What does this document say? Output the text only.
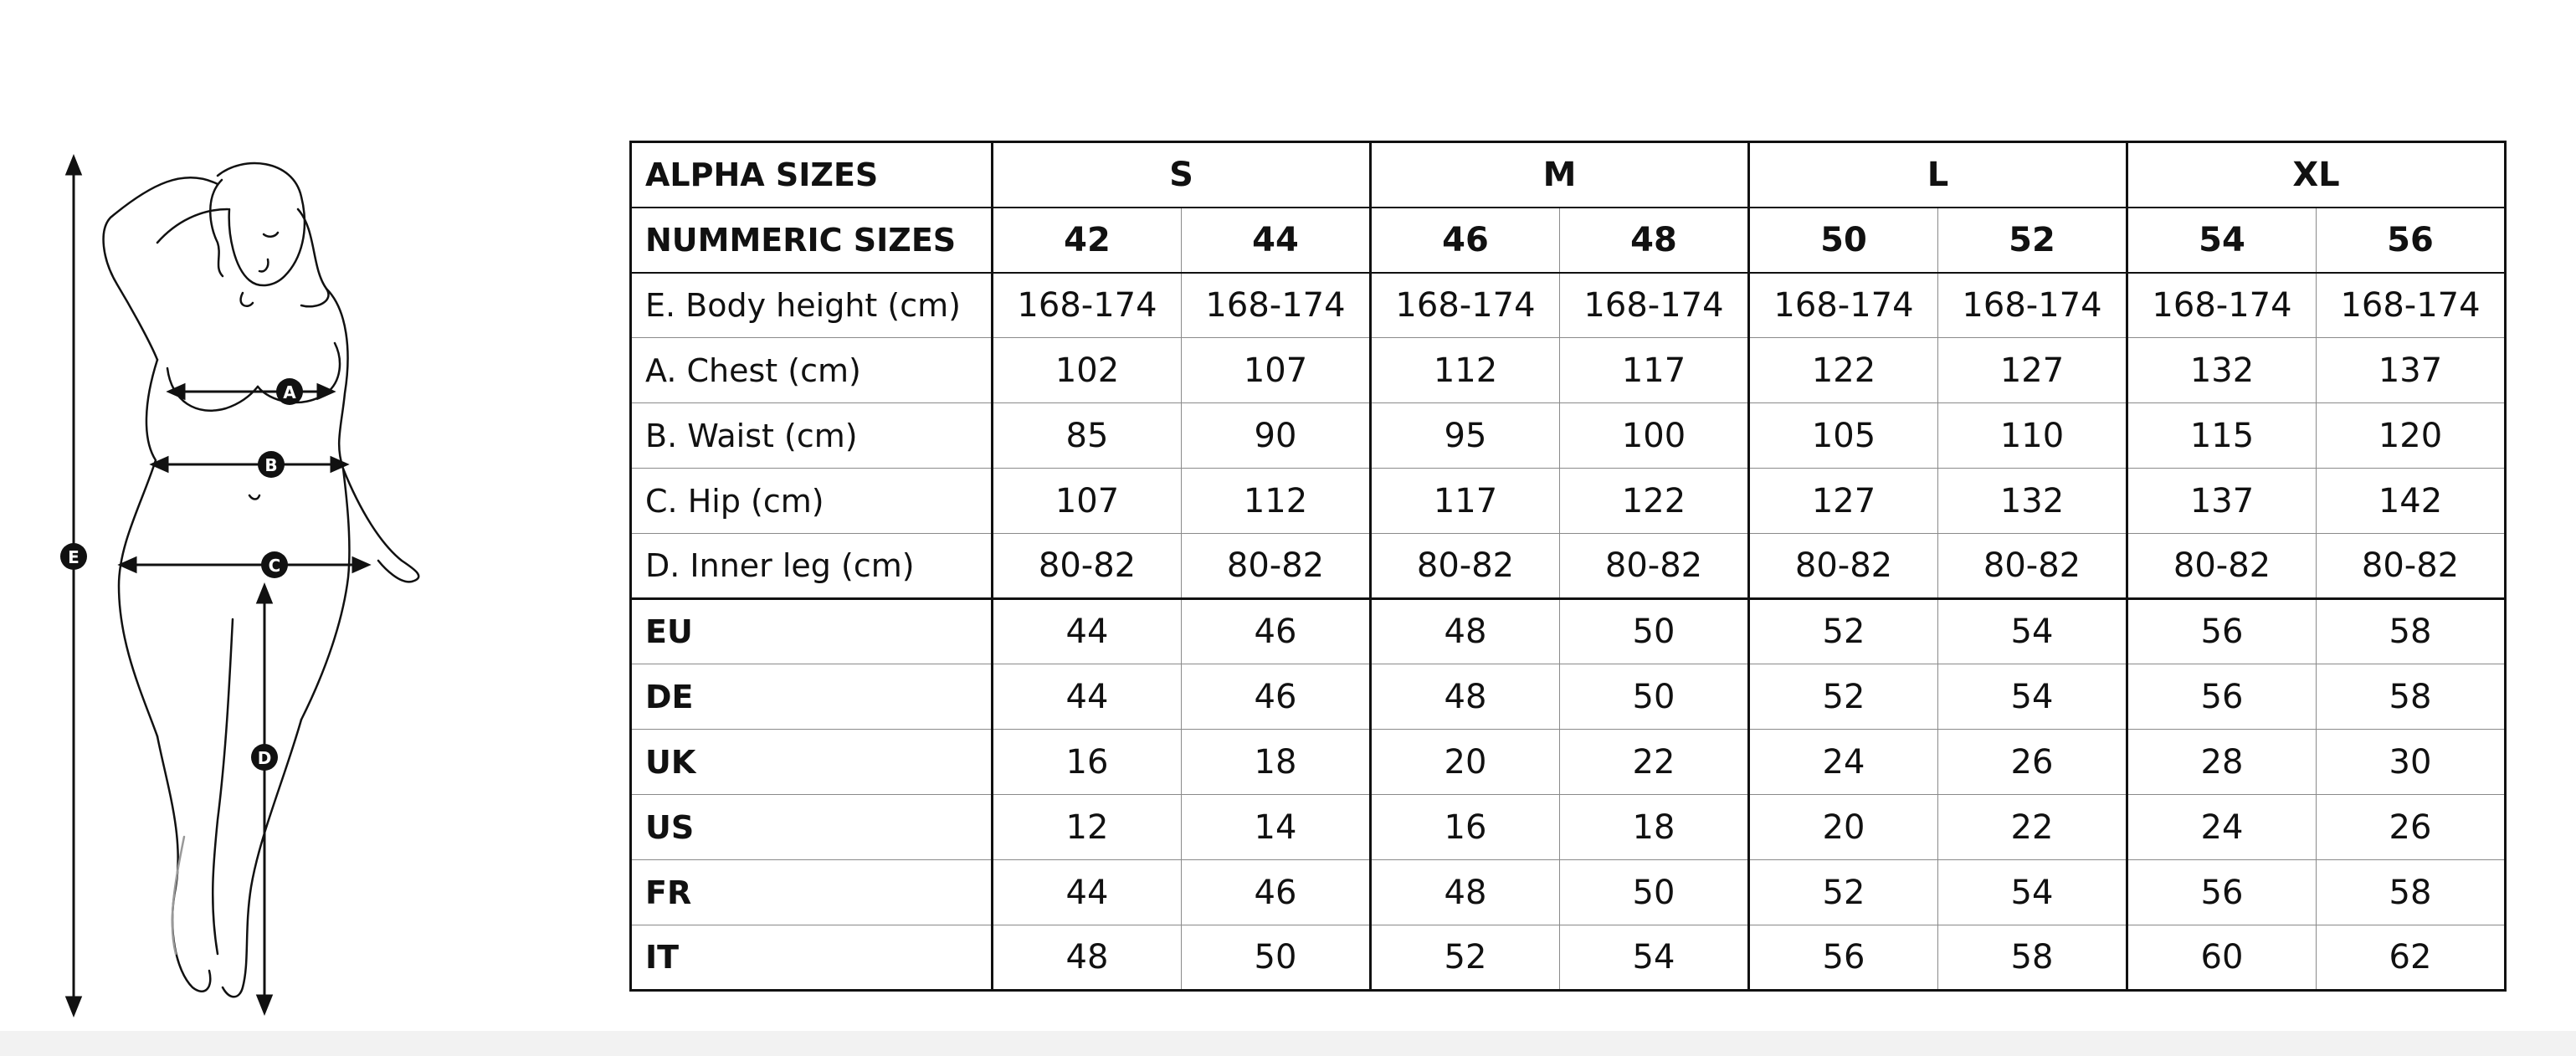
A
B
C
D
E
ALPHA SIZES	S		M		L		XL	
NUMMERIC SIZES	42	44	46	48	50	52	54	56
E. Body height (cm)	168-174	168-174	168-174	168-174	168-174	168-174	168-174	168-174
A. Chest (cm)	102	107	112	117	122	127	132	137
B. Waist (cm)	85	90	95	100	105	110	115	120
C. Hip (cm)	107	112	117	122	127	132	137	142
D. Inner leg (cm)	80-82	80-82	80-82	80-82	80-82	80-82	80-82	80-82
EU	44	46	48	50	52	54	56	58
DE	44	46	48	50	52	54	56	58
UK	16	18	20	22	24	26	28	30
US	12	14	16	18	20	22	24	26
FR	44	46	48	50	52	54	56	58
IT	48	50	52	54	56	58	60	62
